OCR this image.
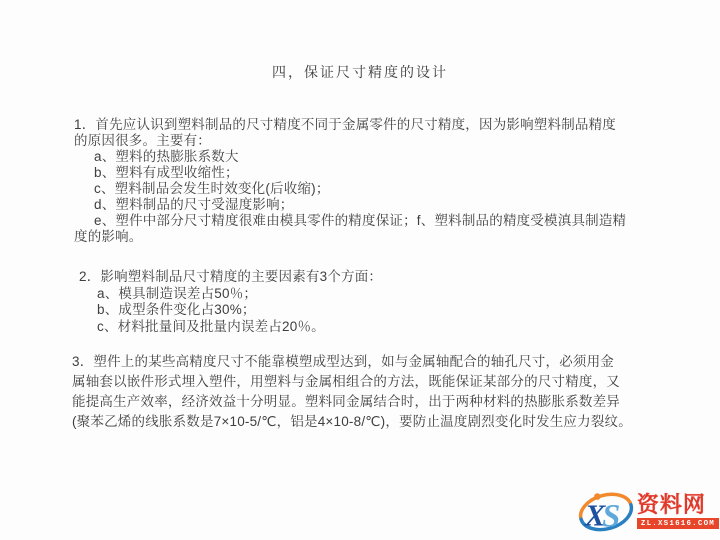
四，保证尺寸精度的设计
1．首先应认识到塑料制品的尺寸精度不同于金属零件的尺寸精度，因为影响塑料制品精度
的原因很多。主要有：
a、塑料的热膨胀系数大
b、塑料有成型收缩性；
c、塑料制品会发生时效变化(后收缩)；
d、塑料制品的尺寸受湿度影响；
e、塑件中部分尺寸精度很难由模具零件的精度保证；f、塑料制品的精度受模滇具制造精
度的影响。
2．影响塑料制品尺寸精度的主要因素有3个方面：
a、模具制造误差占50％；
b、成型条件变化占30%；
c、材料批量间及批量内误差占20％。
3．塑件上的某些高精度尺寸不能靠模塑成型达到，如与金属轴配合的轴孔尺寸，必须用金
属轴套以嵌件形式埋入塑件，用塑料与金属相组合的方法，既能保证某部分的尺寸精度，又
能提高生产效率，经济效益十分明显。塑料同金属结合时，出于两种材料的热膨胀系数差异
(聚苯乙烯的线胀系数是7×10-5/℃，铝是4×10-8/℃)，要防止温度剧烈变化时发生应力裂纹。
X
S 资料网
ZL.XS1616.COM
